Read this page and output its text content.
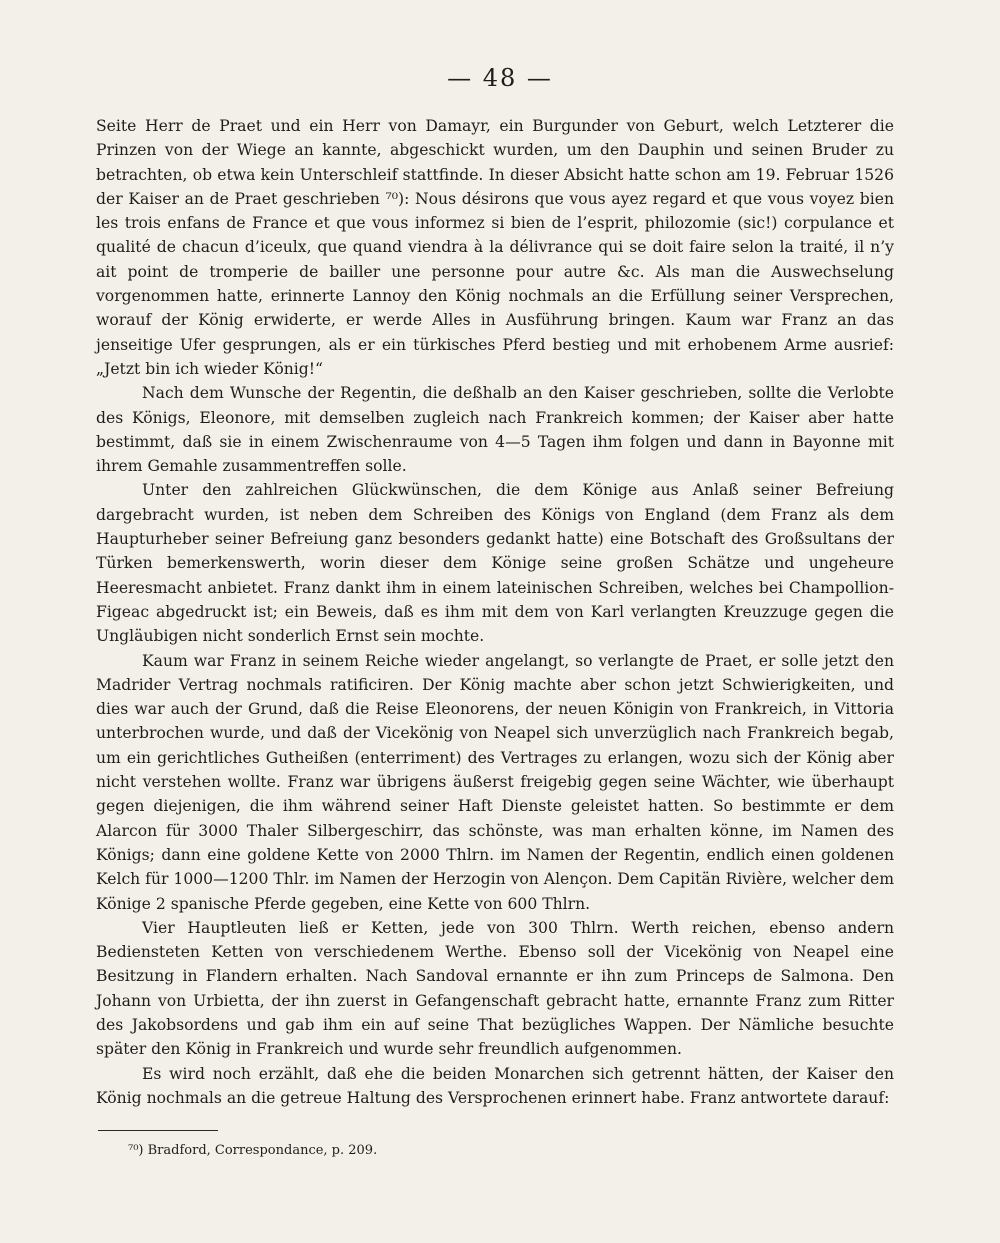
— 48 —

Seite Herr de Praet und ein Herr von Damayr, ein Burgunder von Geburt, welch Letzterer die Prinzen von der Wiege an kannte, abgeschickt wurden, um den Dauphin und seinen Bruder zu betrachten, ob etwa kein Unterschleif stattfinde. In dieser Absicht hatte schon am 19. Februar 1526 der Kaiser an de Praet geschrieben ⁷⁰): Nous désirons que vous ayez regard et que vous voyez bien les trois enfans de France et que vous informez si bien de l’esprit, philozomie (sic!) corpulance et qualité de chacun d’iceulx, que quand viendra à la délivrance qui se doit faire selon la traité, il n’y ait point de tromperie de bailler une personne pour autre &c. Als man die Auswechselung vorgenommen hatte, erinnerte Lannoy den König nochmals an die Erfüllung seiner Versprechen, worauf der König erwiderte, er werde Alles in Ausführung bringen. Kaum war Franz an das jenseitige Ufer gesprungen, als er ein türkisches Pferd bestieg und mit erhobenem Arme ausrief: „Jetzt bin ich wieder König!“

Nach dem Wunsche der Regentin, die deßhalb an den Kaiser geschrieben, sollte die Verlobte des Königs, Eleonore, mit demselben zugleich nach Frankreich kommen; der Kaiser aber hatte bestimmt, daß sie in einem Zwischenraume von 4—5 Tagen ihm folgen und dann in Bayonne mit ihrem Gemahle zusammentreffen solle.

Unter den zahlreichen Glückwünschen, die dem Könige aus Anlaß seiner Befreiung dargebracht wurden, ist neben dem Schreiben des Königs von England (dem Franz als dem Haupturheber seiner Befreiung ganz besonders gedankt hatte) eine Botschaft des Großsultans der Türken bemerkenswerth, worin dieser dem Könige seine großen Schätze und ungeheure Heeresmacht anbietet. Franz dankt ihm in einem lateinischen Schreiben, welches bei Champollion-Figeac abgedruckt ist; ein Beweis, daß es ihm mit dem von Karl verlangten Kreuzzuge gegen die Ungläubigen nicht sonderlich Ernst sein mochte.

Kaum war Franz in seinem Reiche wieder angelangt, so verlangte de Praet, er solle jetzt den Madrider Vertrag nochmals ratificiren. Der König machte aber schon jetzt Schwierigkeiten, und dies war auch der Grund, daß die Reise Eleonorens, der neuen Königin von Frankreich, in Vittoria unterbrochen wurde, und daß der Vicekönig von Neapel sich unverzüglich nach Frankreich begab, um ein gerichtliches Gutheißen (enterriment) des Vertrages zu erlangen, wozu sich der König aber nicht verstehen wollte. Franz war übrigens äußerst freigebig gegen seine Wächter, wie überhaupt gegen diejenigen, die ihm während seiner Haft Dienste geleistet hatten. So bestimmte er dem Alarcon für 3000 Thaler Silbergeschirr, das schönste, was man erhalten könne, im Namen des Königs; dann eine goldene Kette von 2000 Thlrn. im Namen der Regentin, endlich einen goldenen Kelch für 1000—1200 Thlr. im Namen der Herzogin von Alençon. Dem Capitän Rivière, welcher dem Könige 2 spanische Pferde gegeben, eine Kette von 600 Thlrn.

Vier Hauptleuten ließ er Ketten, jede von 300 Thlrn. Werth reichen, ebenso andern Bediensteten Ketten von verschiedenem Werthe. Ebenso soll der Vicekönig von Neapel eine Besitzung in Flandern erhalten. Nach Sandoval ernannte er ihn zum Princeps de Salmona. Den Johann von Urbietta, der ihn zuerst in Gefangenschaft gebracht hatte, ernannte Franz zum Ritter des Jakobsordens und gab ihm ein auf seine That bezügliches Wappen. Der Nämliche besuchte später den König in Frankreich und wurde sehr freundlich aufgenommen.

Es wird noch erzählt, daß ehe die beiden Monarchen sich getrennt hätten, der Kaiser den König nochmals an die getreue Haltung des Versprochenen erinnert habe. Franz antwortete darauf:

⁷⁰) Bradford, Correspondance, p. 209.
